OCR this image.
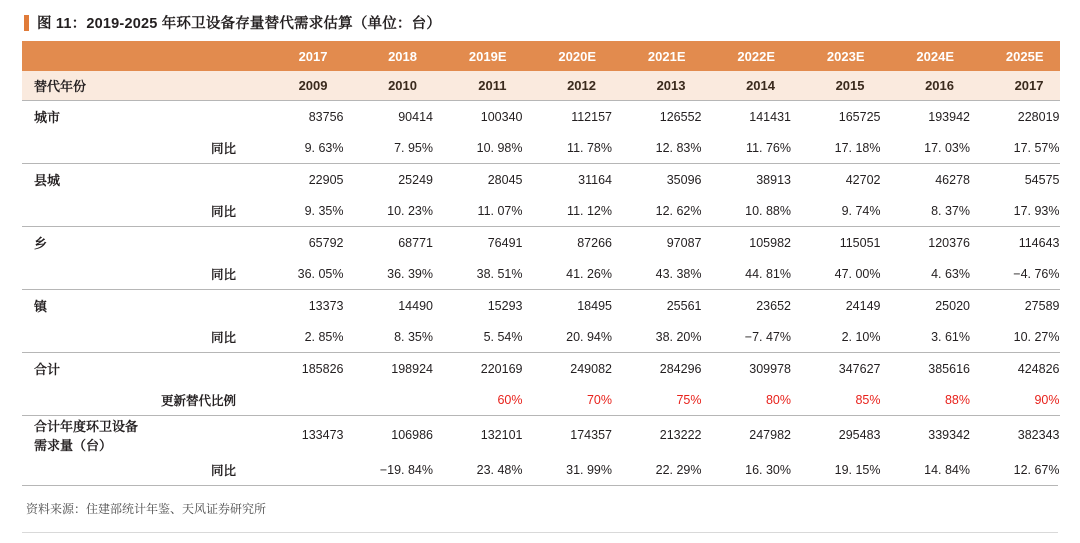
图 11：2019-2025 年环卫设备存量替代需求估算（单位：台）
		2017	2018	2019E	2020E	2021E	2022E	2023E	2024E	2025E
替代年份		2009	2010	2011	2012	2013	2014	2015	2016	2017
城市		83756	90414	100340	112157	126552	141431	165725	193942	228019
	同比	9. 63%	7. 95%	10. 98%	11. 78%	12. 83%	11. 76%	17. 18%	17. 03%	17. 57%
县城		22905	25249	28045	31164	35096	38913	42702	46278	54575
	同比	9. 35%	10. 23%	11. 07%	11. 12%	12. 62%	10. 88%	9. 74%	8. 37%	17. 93%
乡		65792	68771	76491	87266	97087	105982	115051	120376	114643
	同比	36. 05%	36. 39%	38. 51%	41. 26%	43. 38%	44. 81%	47. 00%	4. 63%	−4. 76%
镇		13373	14490	15293	18495	25561	23652	24149	25020	27589
	同比	2. 85%	8. 35%	5. 54%	20. 94%	38. 20%	−7. 47%	2. 10%	3. 61%	10. 27%
合计		185826	198924	220169	249082	284296	309978	347627	385616	424826
	更新替代比例			60%	70%	75%	80%	85%	88%	90%
合计年度环卫设备需求量（台）		133473	106986	132101	174357	213222	247982	295483	339342	382343
	同比		−19. 84%	23. 48%	31. 99%	22. 29%	16. 30%	19. 15%	14. 84%	12. 67%
资料来源：住建部统计年鉴、天风证券研究所
